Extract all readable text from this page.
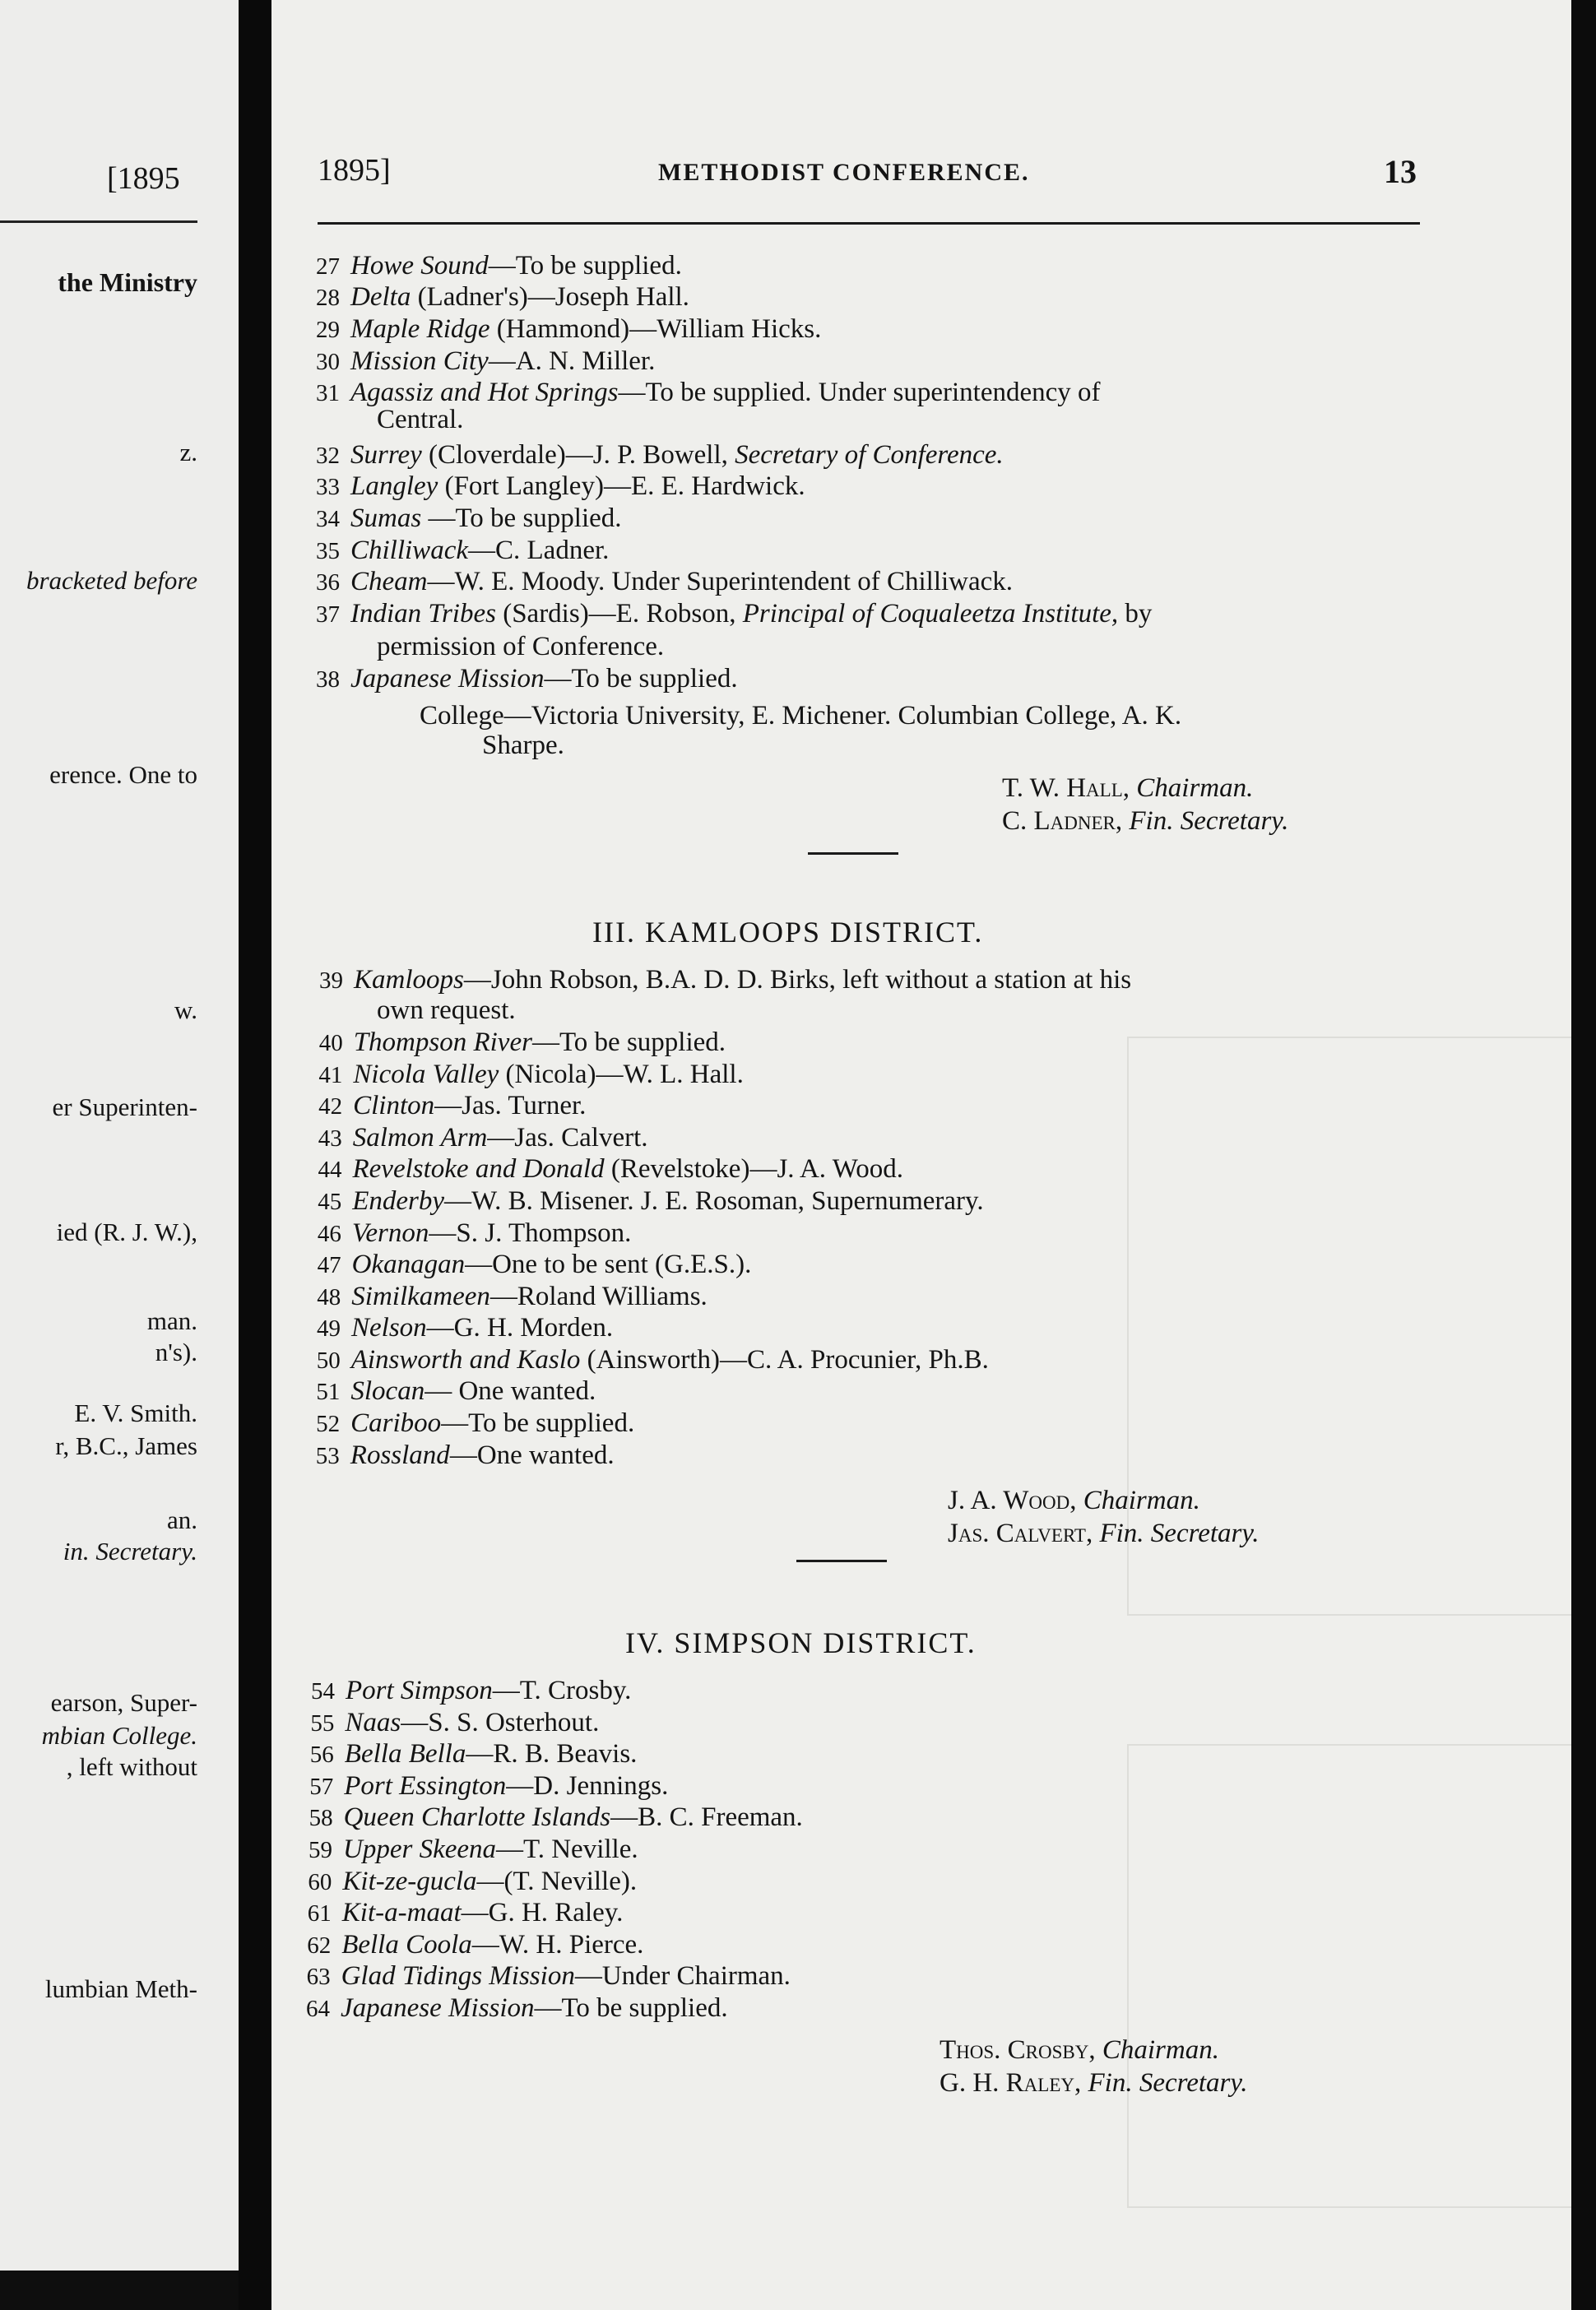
[1895
the Ministry
z.
bracketed before
erence. One to
w.
er Superinten-
ied (R. J. W.),
man.
n's).
E. V. Smith.
r, B.C., James
an.
in. Secretary.
earson, Super-
mbian College.
, left without
lumbian Meth-
1895]	METHODIST CONFERENCE.	13
27 Howe Sound—To be supplied.
28 Delta (Ladner's)—Joseph Hall.
29 Maple Ridge (Hammond)—William Hicks.
30 Mission City—A. N. Miller.
31 Agassiz and Hot Springs—To be supplied. Under superintendency of
32 Surrey (Cloverdale)—J. P. Bowell, Secretary of Conference.
33 Langley (Fort Langley)—E. E. Hardwick.
34 Sumas —To be supplied.
35 Chilliwack—C. Ladner.
36 Cheam—W. E. Moody. Under Superintendent of Chilliwack.
37 Indian Tribes (Sardis)—E. Robson, Principal of Coqualeetza Institute, by
38 Japanese Mission—To be supplied.
Central.
permission of Conference.
College—Victoria University, E. Michener. Columbian College, A. K.
Sharpe.
T. W. Hall, Chairman.
C. Ladner, Fin. Secretary.
III. KAMLOOPS DISTRICT.
39 Kamloops—John Robson, B.A. D. D. Birks, left without a station at his
40 Thompson River—To be supplied.
41 Nicola Valley (Nicola)—W. L. Hall.
42 Clinton—Jas. Turner.
43 Salmon Arm—Jas. Calvert.
44 Revelstoke and Donald (Revelstoke)—J. A. Wood.
45 Enderby—W. B. Misener. J. E. Rosoman, Supernumerary.
46 Vernon—S. J. Thompson.
47 Okanagan—One to be sent (G.E.S.).
48 Similkameen—Roland Williams.
49 Nelson—G. H. Morden.
50 Ainsworth and Kaslo (Ainsworth)—C. A. Procunier, Ph.B.
51 Slocan— One wanted.
52 Cariboo—To be supplied.
53 Rossland—One wanted.
own request.
J. A. Wood, Chairman.
Jas. Calvert, Fin. Secretary.
IV. SIMPSON DISTRICT.
54 Port Simpson—T. Crosby.
55 Naas—S. S. Osterhout.
56 Bella Bella—R. B. Beavis.
57 Port Essington—D. Jennings.
58 Queen Charlotte Islands—B. C. Freeman.
59 Upper Skeena—T. Neville.
60 Kit-ze-gucla—(T. Neville).
61 Kit-a-maat—G. H. Raley.
62 Bella Coola—W. H. Pierce.
63 Glad Tidings Mission—Under Chairman.
64 Japanese Mission—To be supplied.
Thos. Crosby, Chairman.
G. H. Raley, Fin. Secretary.
